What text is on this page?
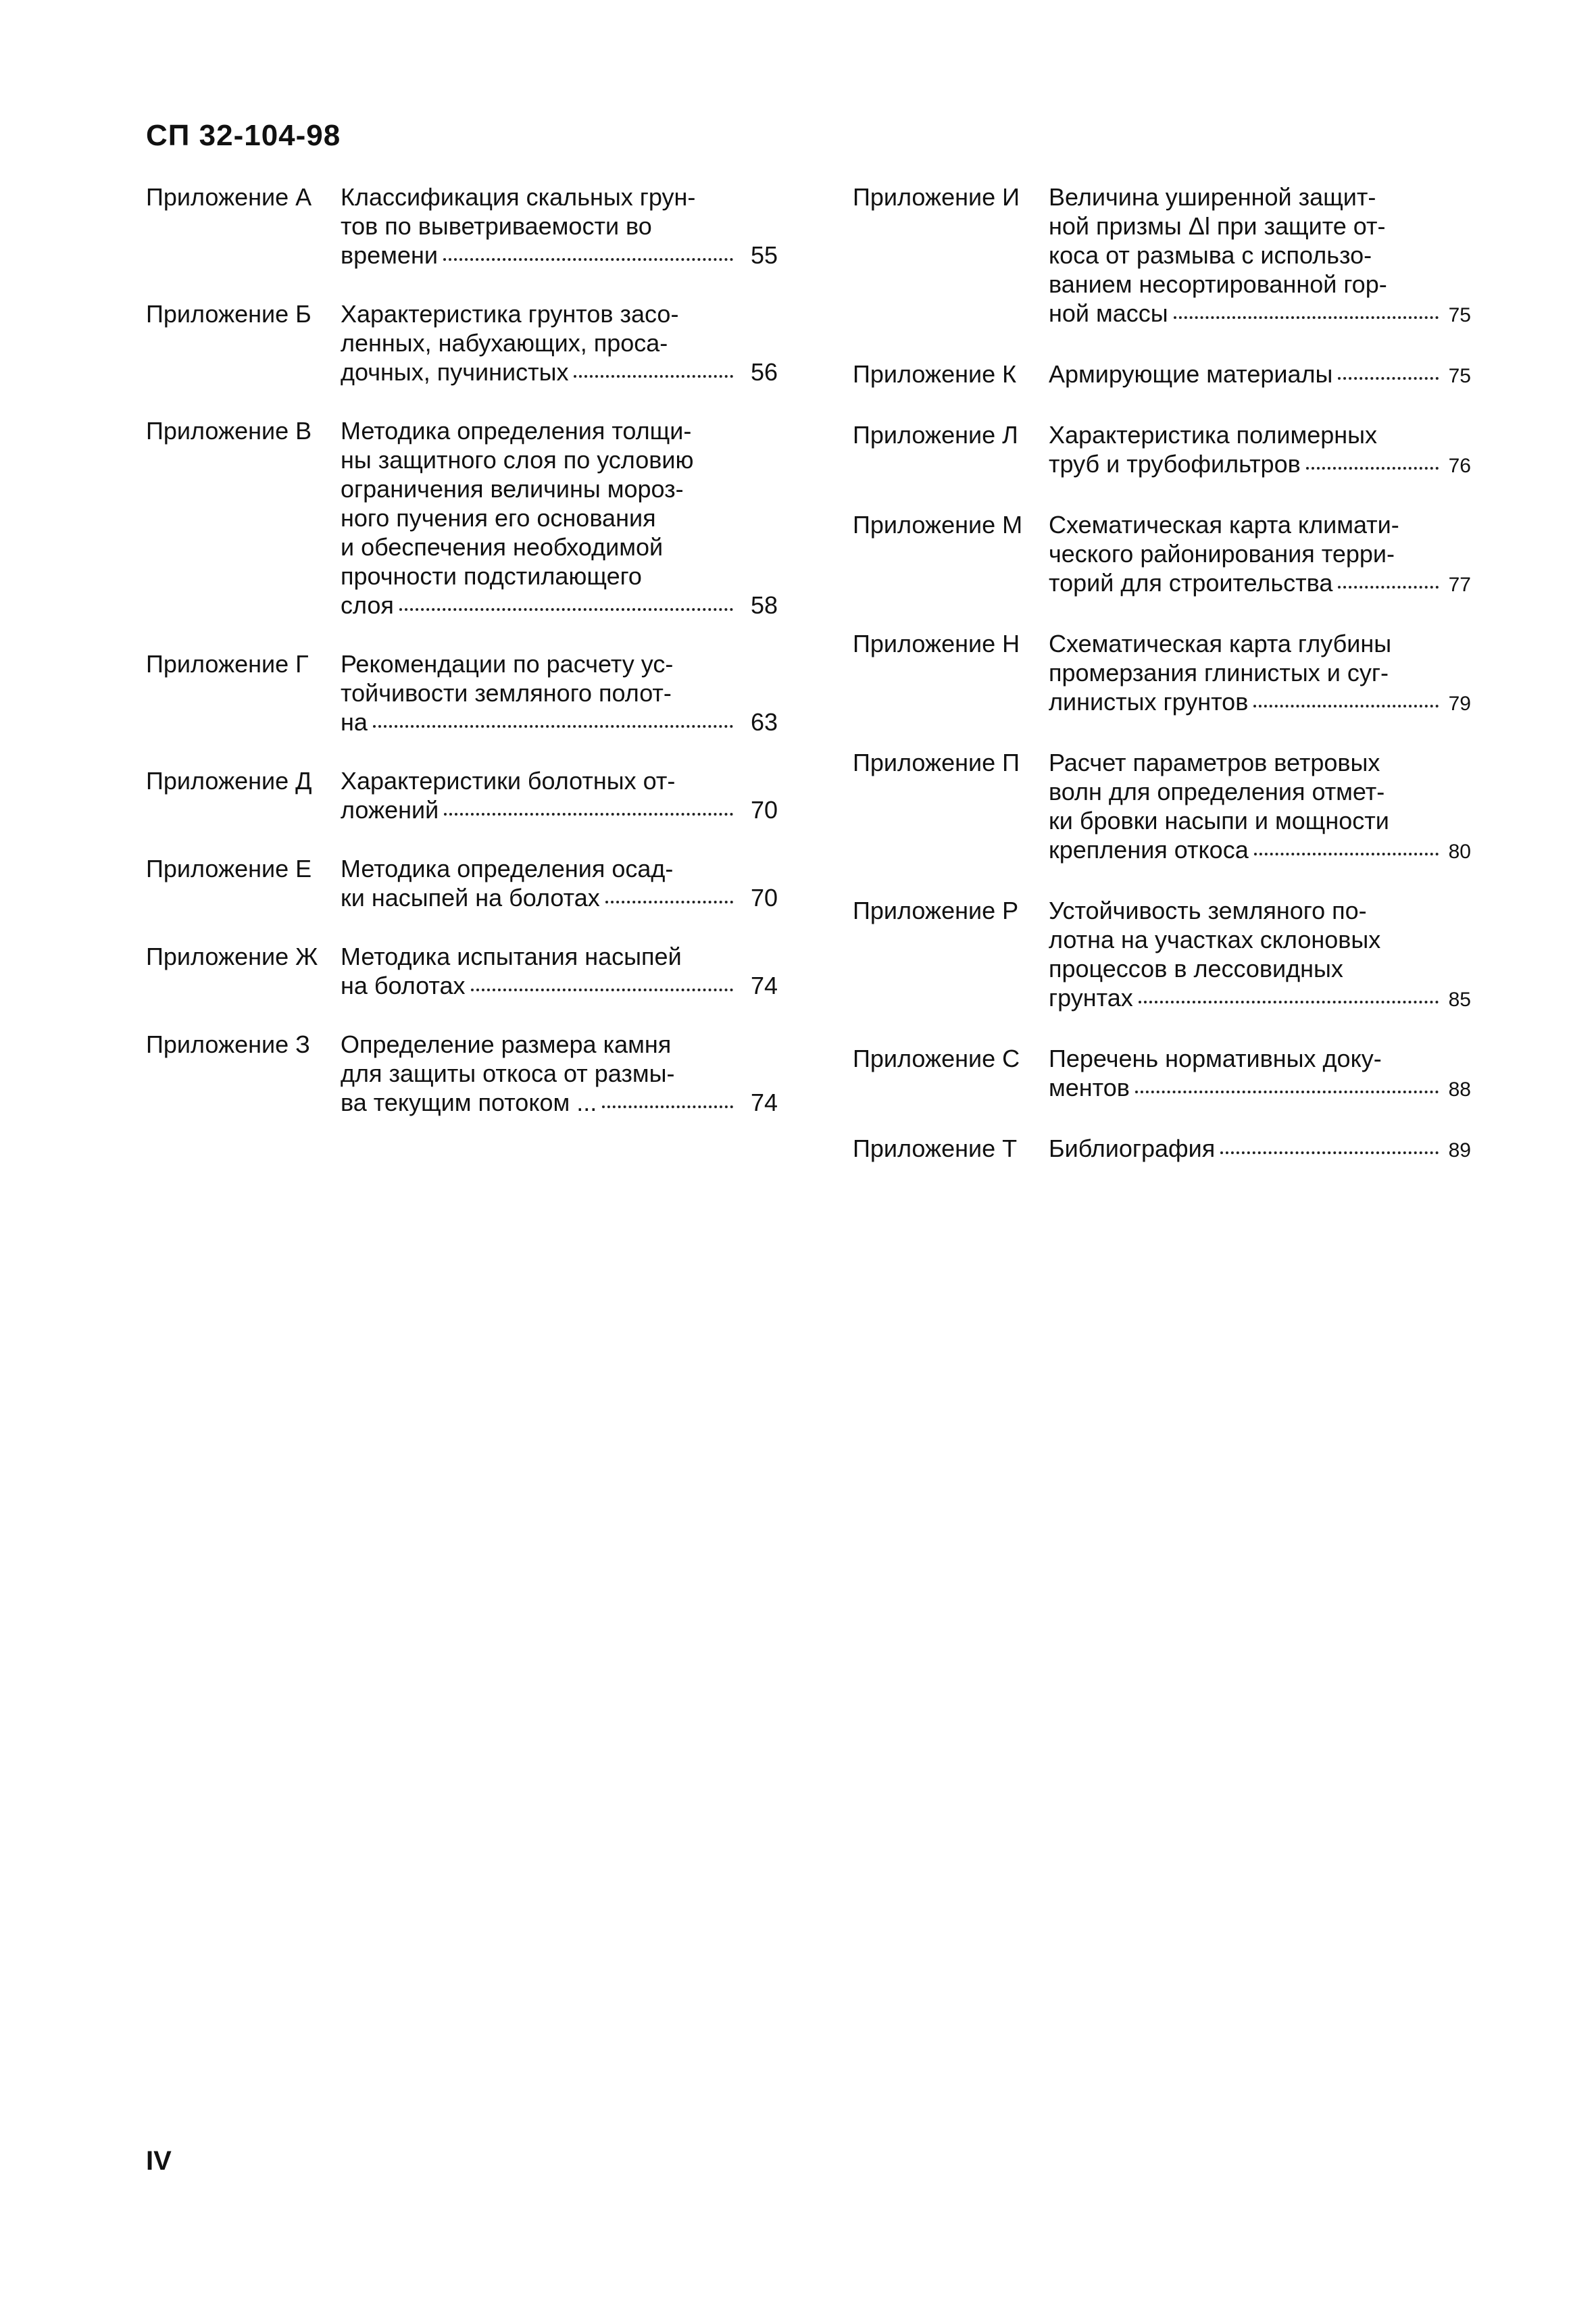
СП 32-104-98
Приложение А	Классификация скальных грун-
тов по выветриваемости во
времени	55
Приложение Б	Характеристика грунтов засо-
ленных, набухающих, проса-
дочных, пучинистых	56
Приложение В	Методика определения толщи-
ны защитного слоя по условию
ограничения величины мороз-
ного пучения его основания
и обеспечения необходимой
прочности подстилающего
слоя	58
Приложение Г	Рекомендации по расчету ус-
тойчивости земляного полот-
на	63
Приложение Д	Характеристики болотных от-
ложений	70
Приложение Е	Методика определения осад-
ки насыпей на болотах	70
Приложение Ж Методика испытания насыпей
на болотах	74
Приложение З	Определение размера камня
для защиты откоса от размы-
ва текущим потоком ...	74
Приложение И	Величина уширенной защит-
ной призмы Δl при защите от-
коса от размыва с использо-
ванием несортированной гор-
ной массы	75
Приложение К	Армирующие материалы	75
Приложение Л	Характеристика полимерных
труб и трубофильтров	76
Приложение М	Схематическая карта климати-
ческого районирования терри-
торий для строительства	77
Приложение Н	Схематическая карта глубины
промерзания глинистых и суг-
линистых грунтов	79
Приложение П	Расчет параметров ветровых
волн для определения отмет-
ки бровки насыпи и мощности
крепления откоса	80
Приложение Р	Устойчивость земляного по-
лотна на участках склоновых
процессов в лессовидных
грунтах	85
Приложение С	Перечень нормативных доку-
ментов	88
Приложение Т	Библиография	89

IV
